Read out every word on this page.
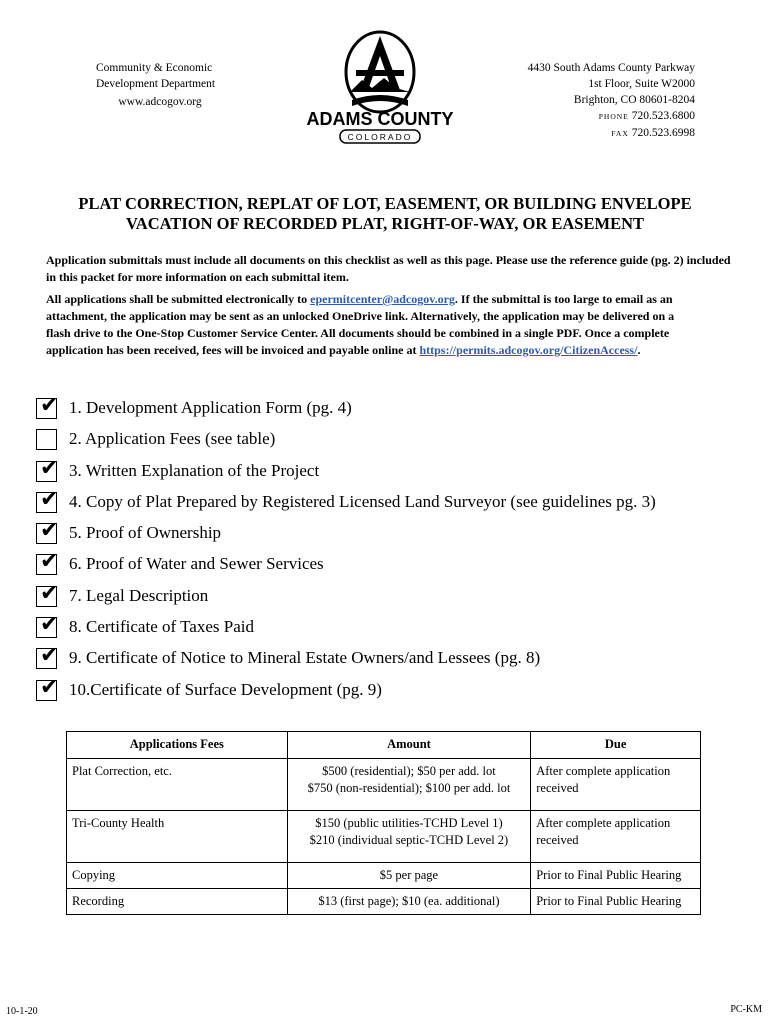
Community & Economic
Development Department
www.adcogov.org
ADAMS COUNTY
COLORADO
4430 South Adams County Parkway
1st Floor, Suite W2000
Brighton, CO 80601-8204
PHONE 720.523.6800
FAX 720.523.6998
PLAT CORRECTION, REPLAT OF LOT, EASEMENT, OR BUILDING ENVELOPE
VACATION OF RECORDED PLAT, RIGHT-OF-WAY, OR EASEMENT
Application submittals must include all documents on this checklist as well as this page. Please use the reference guide (pg. 2) included in this packet for more information on each submittal item.
All applications shall be submitted electronically to epermitcenter@adcogov.org. If the submittal is too large to email as an attachment, the application may be sent as an unlocked OneDrive link. Alternatively, the application may be delivered on a flash drive to the One-Stop Customer Service Center. All documents should be combined in a single PDF. Once a complete application has been received, fees will be invoiced and payable online at https://permits.adcogov.org/CitizenAccess/.
✔ 1. Development Application Form (pg. 4)
2. Application Fees (see table)
✔ 3. Written Explanation of the Project
✔ 4. Copy of Plat Prepared by Registered Licensed Land Surveyor (see guidelines pg. 3)
✔ 5. Proof of Ownership
✔ 6. Proof of Water and Sewer Services
✔ 7. Legal Description
✔ 8. Certificate of Taxes Paid
✔ 9. Certificate of Notice to Mineral Estate Owners/and Lessees (pg. 8)
✔ 10.Certificate of Surface Development (pg. 9)
Applications Fees	Amount	Due
Plat Correction, etc.	$500 (residential); $50 per add. lot
$750 (non-residential); $100 per add. lot	After complete application received
Tri-County Health	$150 (public utilities-TCHD Level 1)
$210 (individual septic-TCHD Level 2)	After complete application received
Copying	$5 per page	Prior to Final Public Hearing
Recording	$13 (first page); $10 (ea. additional)	Prior to Final Public Hearing
10-1-20	PC-KM
